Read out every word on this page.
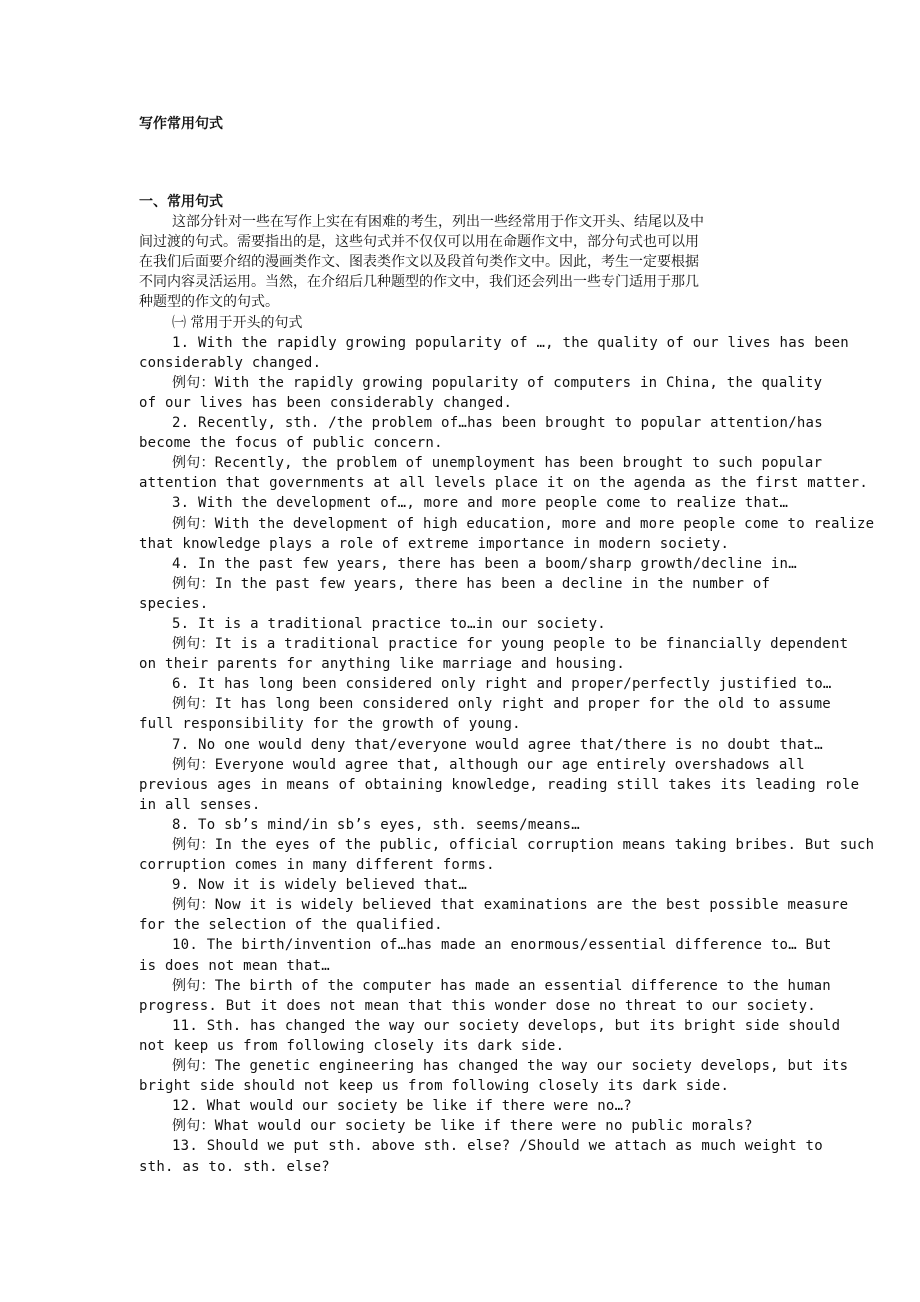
写作常用句式
一、常用句式

这部分针对一些在写作上实在有困难的考生，列出一些经常用于作文开头、结尾以及中

间过渡的句式。需要指出的是，这些句式并不仅仅可以用在命题作文中，部分句式也可以用

在我们后面要介绍的漫画类作文、图表类作文以及段首句类作文中。因此，考生一定要根据

不同内容灵活运用。当然，在介绍后几种题型的作文中，我们还会列出一些专门适用于那几

种题型的作文的句式。

㈠ 常用于开头的句式

1. With the rapidly growing popularity of …, the quality of our lives has been

considerably changed.

例句：With the rapidly growing popularity of computers in China, the quality

of our lives has been considerably changed.

2. Recently, sth. /the problem of…has been brought to popular attention/has

become the focus of public concern.

例句：Recently, the problem of unemployment has been brought to such popular

attention that governments at all levels place it on the agenda as the first matter.

3. With the development of…, more and more people come to realize that…

例句：With the development of high education, more and more people come to realize

that knowledge plays a role of extreme importance in modern society.

4. In the past few years, there has been a boom/sharp growth/decline in…

例句：In the past few years, there has been a decline in the number of

species.

5. It is a traditional practice to…in our society.

例句：It is a traditional practice for young people to be financially dependent

on their parents for anything like marriage and housing.

6. It has long been considered only right and proper/perfectly justified to…

例句：It has long been considered only right and proper for the old to assume

full responsibility for the growth of young.

7. No one would deny that/everyone would agree that/there is no doubt that…

例句：Everyone would agree that, although our age entirely overshadows all

previous ages in means of obtaining knowledge, reading still takes its leading role

in all senses.

8. To sb’s mind/in sb’s eyes, sth. seems/means…

例句：In the eyes of the public, official corruption means taking bribes. But such

corruption comes in many different forms.

9. Now it is widely believed that…

例句：Now it is widely believed that examinations are the best possible measure

for the selection of the qualified.

10. The birth/invention of…has made an enormous/essential difference to… But

is does not mean that…

例句：The birth of the computer has made an essential difference to the human

progress. But it does not mean that this wonder dose no threat to our society.

11. Sth. has changed the way our society develops, but its bright side should

not keep us from following closely its dark side.

例句：The genetic engineering has changed the way our society develops, but its

bright side should not keep us from following closely its dark side.

12. What would our society be like if there were no…?

例句：What would our society be like if there were no public morals?

13. Should we put sth. above sth. else? /Should we attach as much weight to

sth. as to. sth. else?
